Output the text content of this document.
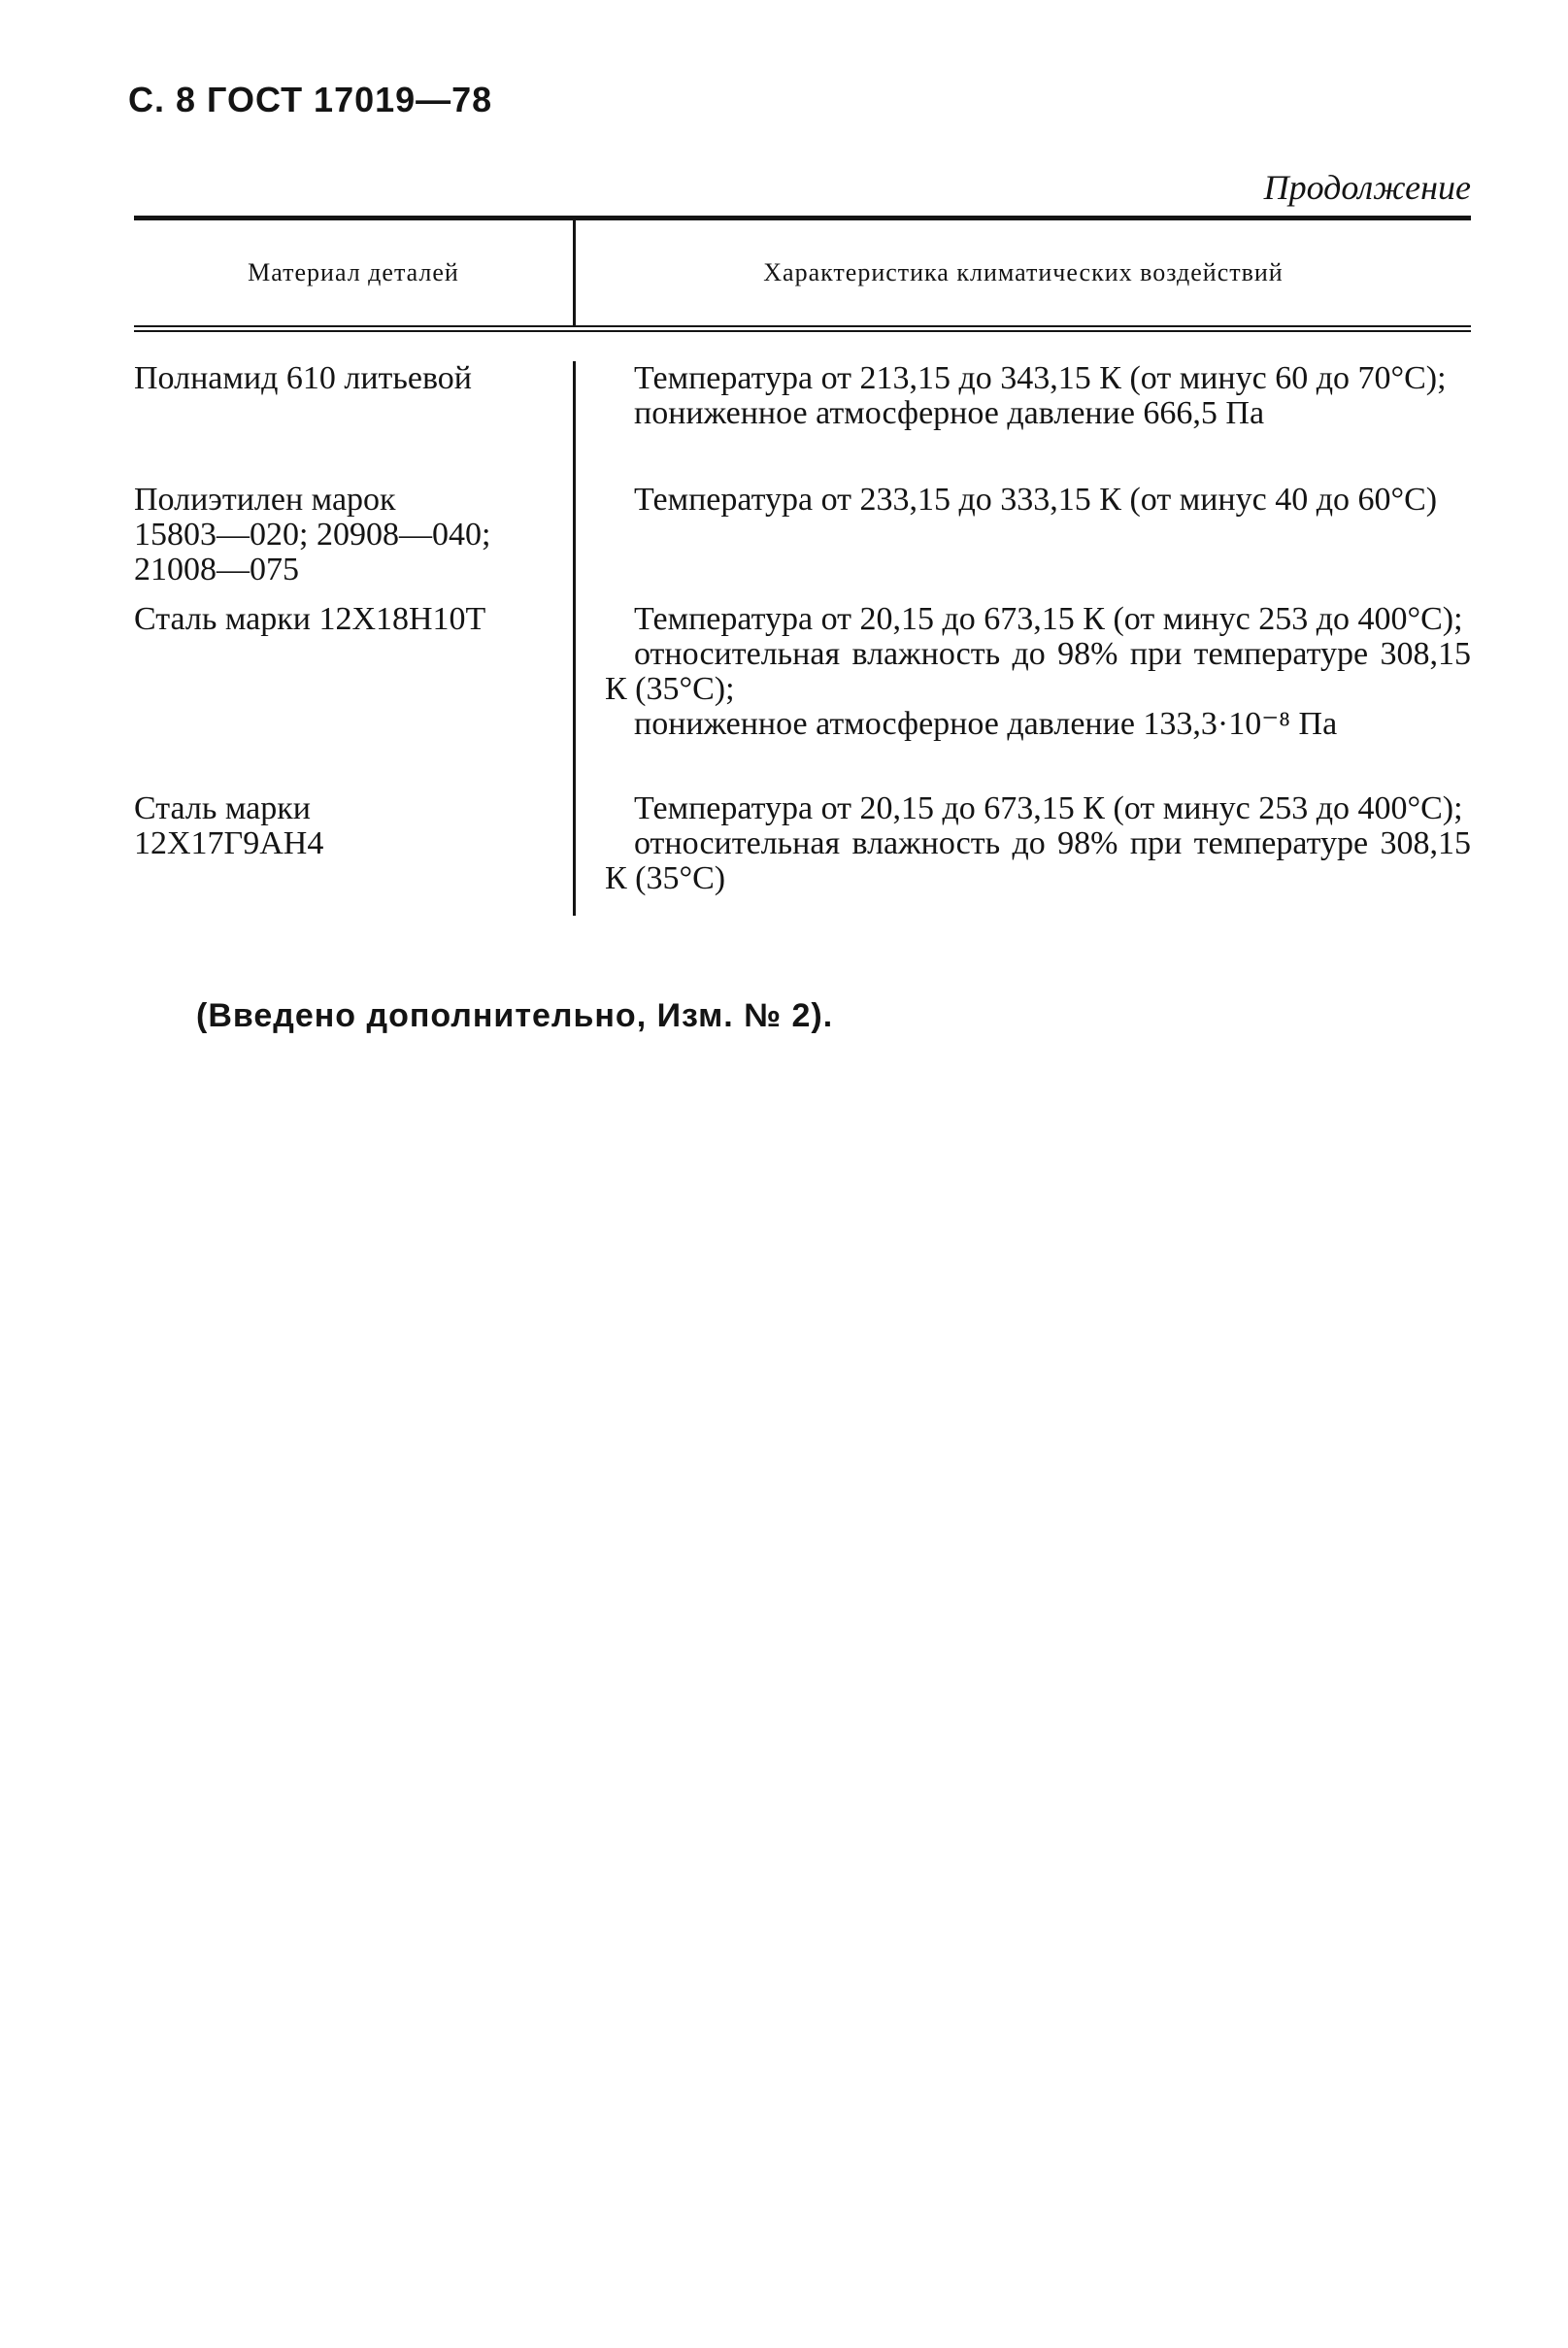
С. 8 ГОСТ 17019—78
Продолжение
Материал деталей	Характеристика климатических воздействий
Полнамид 610 литьевой
Полиэтилен марок
15803—020; 20908—040;
21008—075
Сталь марки 12Х18Н10Т
Сталь марки
12Х17Г9АН4
Температура от 213,15 до 343,15 К (от минус 60 до 70°С);
пониженное атмосферное давление 666,5 Па
Температура от 233,15 до 333,15 К (от минус 40 до 60°С)
Температура от 20,15 до 673,15 К (от минус 253 до 400°С);
относительная влажность до 98% при температуре 308,15 К (35°С);
пониженное атмосферное давление 133,3·10⁻⁸ Па
Температура от 20,15 до 673,15 К (от минус 253 до 400°С);
относительная влажность до 98% при температуре 308,15 К (35°С)
(Введено дополнительно, Изм. № 2).
